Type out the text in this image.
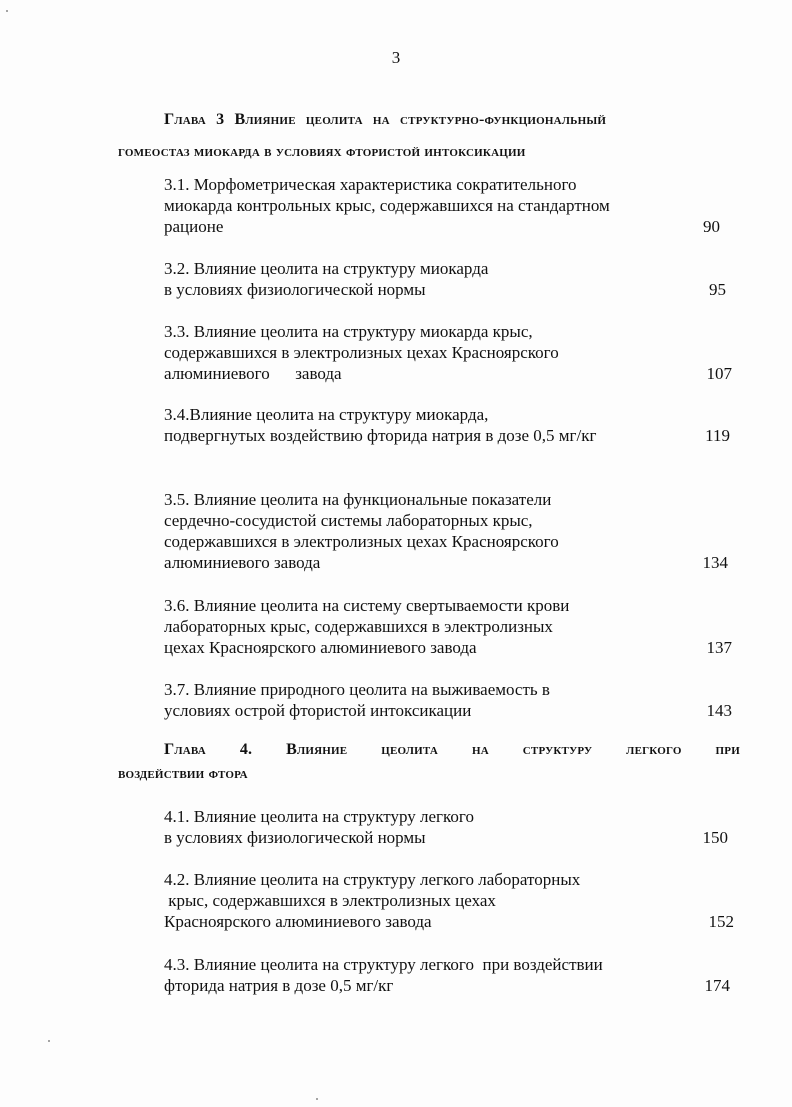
3
Глава 3 Влияние цеолита на структурно-функциональный
гомеостаз миокарда в условиях фтористой интоксикации
3.1. Морфометрическая характеристика сократительного
миокарда контрольных крыс, содержавшихся на стандартном
рационе	90
3.2. Влияние цеолита на структуру миокарда
в условиях физиологической нормы	95
3.3. Влияние цеолита на структуру миокарда крыс,
содержавшихся в электролизных цехах Красноярского
алюминиевого      завода	107
3.4.Влияние цеолита на структуру миокарда,
подвергнутых воздействию фторида натрия в дозе 0,5 мг/кг	119
3.5. Влияние цеолита на функциональные показатели
сердечно-сосудистой системы лабораторных крыс,
содержавшихся в электролизных цехах Красноярского
алюминиевого завода	134
3.6. Влияние цеолита на систему свертываемости крови
лабораторных крыс, содержавшихся в электролизных
цехах Красноярского алюминиевого завода	137
3.7. Влияние природного цеолита на выживаемость в
условиях острой фтористой интоксикации	143
Глава 4. Влияние цеолита на структуру легкого при
воздействии фтора
4.1. Влияние цеолита на структуру легкого
в условиях физиологической нормы	150
4.2. Влияние цеолита на структуру легкого лабораторных
крыс, содержавшихся в электролизных цехах
Красноярского алюминиевого завода	152
4.3. Влияние цеолита на структуру легкого  при воздействии
фторида натрия в дозе 0,5 мг/кг	174
